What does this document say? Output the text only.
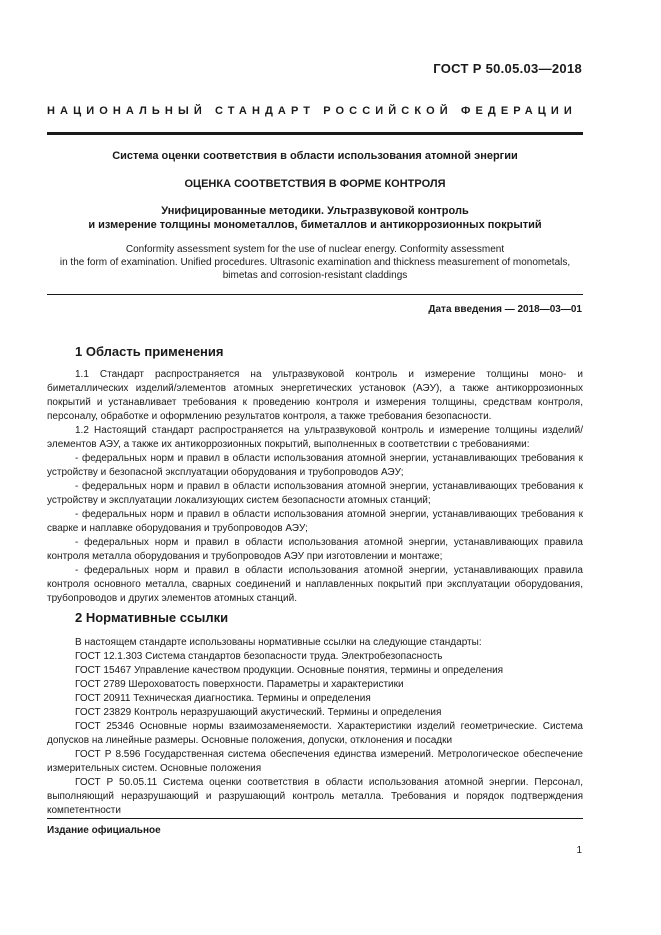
ГОСТ Р 50.05.03—2018
НАЦИОНАЛЬНЫЙ СТАНДАРТ РОССИЙСКОЙ ФЕДЕРАЦИИ
Система оценки соответствия в области использования атомной энергии
ОЦЕНКА СООТВЕТСТВИЯ В ФОРМЕ КОНТРОЛЯ
Унифицированные методики. Ультразвуковой контроль
и измерение толщины монометаллов, биметаллов и антикоррозионных покрытий
Conformity assessment system for the use of nuclear energy. Conformity assessment
in the form of examination. Unified procedures. Ultrasonic examination and thickness measurement of monometals,
bimetas and corrosion-resistant claddings
Дата введения — 2018—03—01
1 Область применения

1.1 Стандарт распространяется на ультразвуковой контроль и измерение толщины моно- и биметаллических изделий/элементов атомных энергетических установок (АЭУ), а также антикоррозионных покрытий и устанавливает требования к проведению контроля и измерения толщины, средствам контроля, персоналу, обработке и оформлению результатов контроля, а также требования безопасности.

1.2 Настоящий стандарт распространяется на ультразвуковой контроль и измерение толщины изделий/элементов АЭУ, а также их антикоррозионных покрытий, выполненных в соответствии с требованиями:

- федеральных норм и правил в области использования атомной энергии, устанавливающих требования к устройству и безопасной эксплуатации оборудования и трубопроводов АЭУ;

- федеральных норм и правил в области использования атомной энергии, устанавливающих требования к устройству и эксплуатации локализующих систем безопасности атомных станций;

- федеральных норм и правил в области использования атомной энергии, устанавливающих требования к сварке и наплавке оборудования и трубопроводов АЭУ;

- федеральных норм и правил в области использования атомной энергии, устанавливающих правила контроля металла оборудования и трубопроводов АЭУ при изготовлении и монтаже;

- федеральных норм и правил в области использования атомной энергии, устанавливающих правила контроля основного металла, сварных соединений и наплавленных покрытий при эксплуатации оборудования, трубопроводов и других элементов атомных станций.

2 Нормативные ссылки

В настоящем стандарте использованы нормативные ссылки на следующие стандарты:

ГОСТ 12.1.303 Система стандартов безопасности труда. Электробезопасность

ГОСТ 15467 Управление качеством продукции. Основные понятия, термины и определения

ГОСТ 2789 Шероховатость поверхности. Параметры и характеристики

ГОСТ 20911 Техническая диагностика. Термины и определения

ГОСТ 23829 Контроль неразрушающий акустический. Термины и определения

ГОСТ 25346 Основные нормы взаимозаменяемости. Характеристики изделий геометрические. Система допусков на линейные размеры. Основные положения, допуски, отклонения и посадки

ГОСТ Р 8.596 Государственная система обеспечения единства измерений. Метрологическое обеспечение измерительных систем. Основные положения

ГОСТ Р 50.05.11 Система оценки соответствия в области использования атомной энергии. Персонал, выполняющий неразрушающий и разрушающий контроль металла. Требования и порядок подтверждения компетентности

Издание официальное
1
